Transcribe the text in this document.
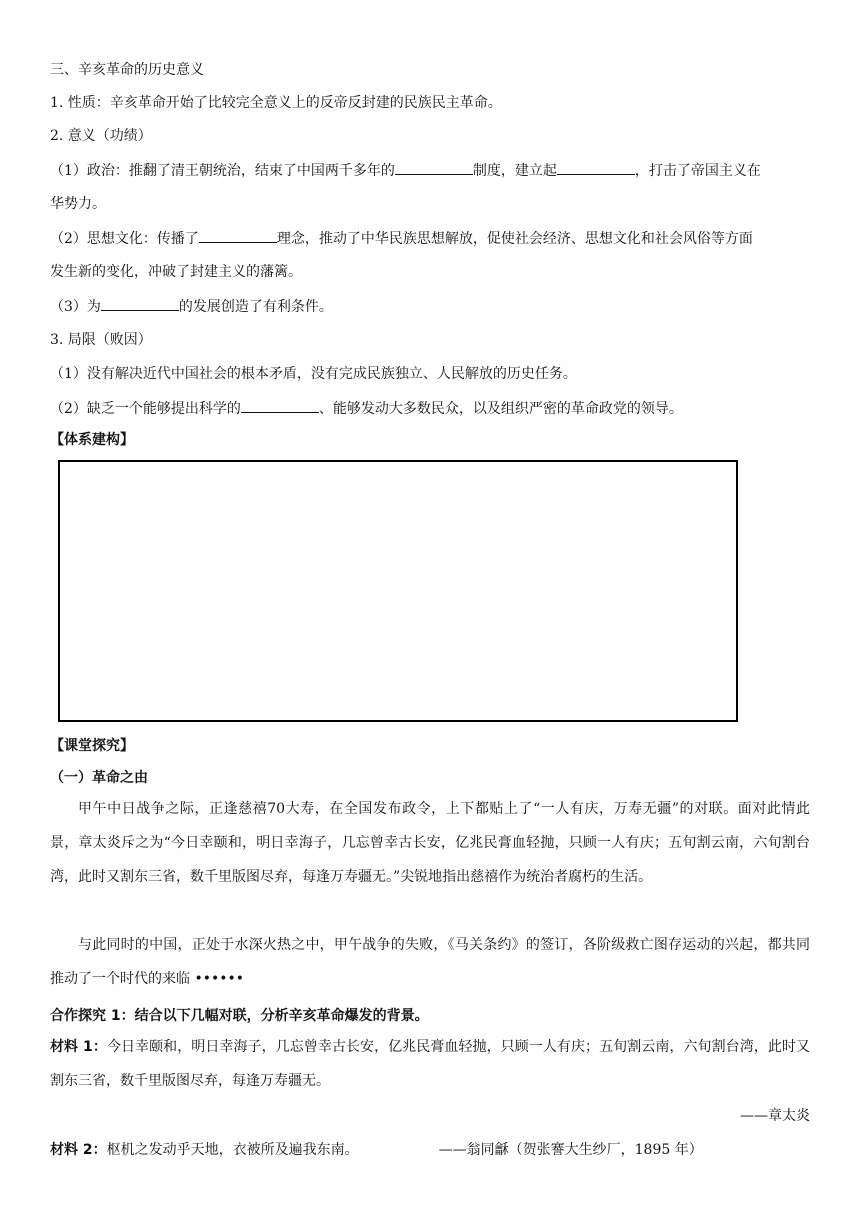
三、辛亥革命的历史意义
1. 性质：辛亥革命开始了比较完全意义上的反帝反封建的民族民主革命。
2. 意义（功绩）
（1）政治：推翻了清王朝统治，结束了中国两千多年的	制度，建立起	，打击了帝国主义在
华势力。
（2）思想文化：传播了	理念，推动了中华民族思想解放，促使社会经济、思想文化和社会风俗等方面
发生新的变化，冲破了封建主义的藩篱。
（3）为	的发展创造了有利条件。
3. 局限（败因）
（1）没有解决近代中国社会的根本矛盾，没有完成民族独立、人民解放的历史任务。
（2）缺乏一个能够提出科学的	、能够发动大多数民众，以及组织严密的革命政党的领导。
【体系建构】
【课堂探究】
（一）革命之由
甲午中日战争之际，正逢慈禧70大寿，在全国发布政令，上下都贴上了“一人有庆，万寿无疆”的对联。面对此情此景，章太炎斥之为“今日幸颐和，明日幸海子，几忘曾幸古长安，亿兆民膏血轻抛，只顾一人有庆；五旬割云南，六旬割台湾，此时又割东三省，数千里版图尽弃，每逢万寿疆无。”尖锐地指出慈禧作为统治者腐朽的生活。
与此同时的中国，正处于水深火热之中，甲午战争的失败，《马关条约》的签订，各阶级救亡图存运动的兴起，都共同推动了一个时代的来临 ••••••
合作探究 1：结合以下几幅对联，分析辛亥革命爆发的背景。
材料 1：今日幸颐和，明日幸海子，几忘曾幸古长安，亿兆民膏血轻抛，只顾一人有庆；五旬割云南，六旬割台湾，此时又割东三省，数千里版图尽弃，每逢万寿疆无。
——章太炎
材料 2：枢机之发动乎天地，衣被所及遍我东南。	——翁同龢（贺张謇大生纱厂，1895 年）
